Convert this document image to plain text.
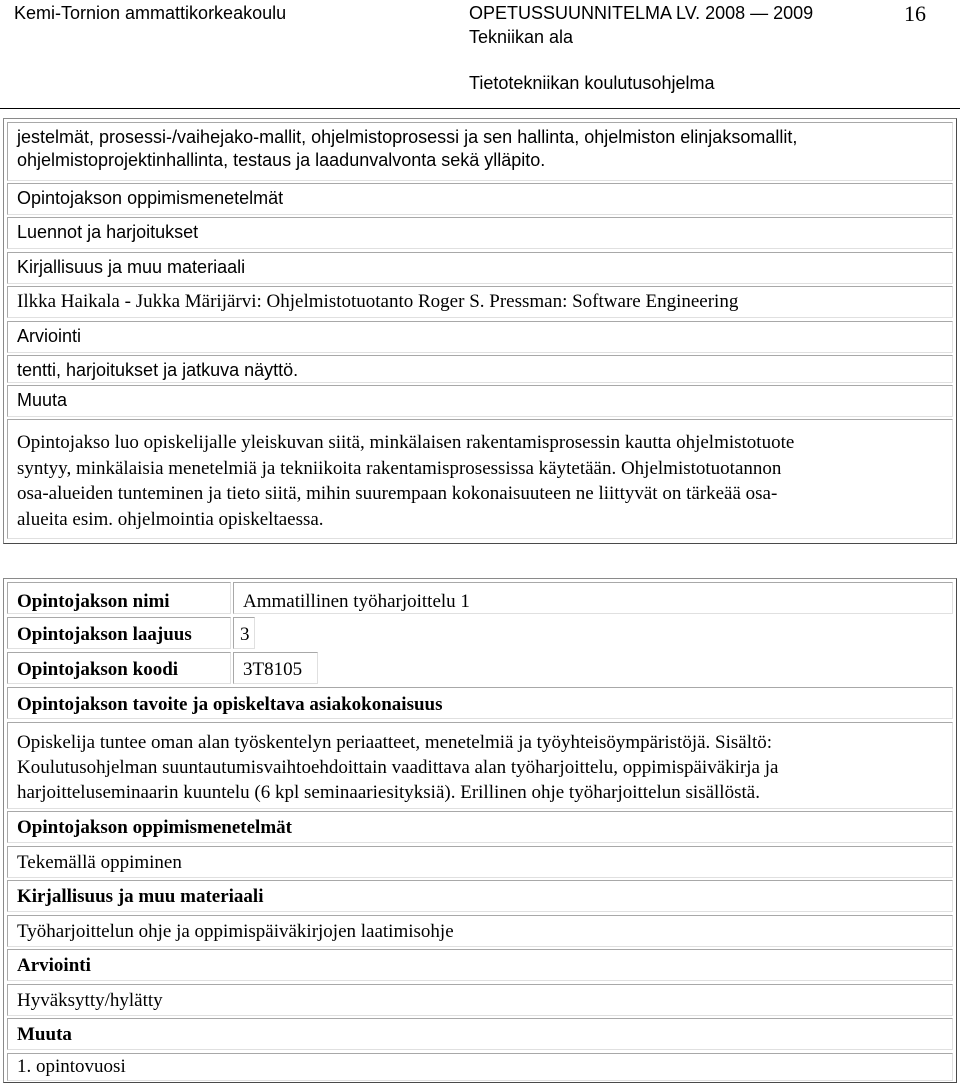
Kemi-Tornion ammattikorkeakoulu	OPETUSSUUNNITELMA LV. 2008 — 2009
Tekniikan ala
Tietotekniikan koulutusohjelma
16
jestelmät, prosessi-/vaihejako-mallit, ohjelmistoprosessi ja sen hallinta, ohjelmiston elinjaksomallit,
ohjelmistoprojektinhallinta, testaus ja laadunvalvonta sekä ylläpito.
Opintojakson oppimismenetelmät
Luennot ja harjoitukset
Kirjallisuus ja muu materiaali
Ilkka Haikala - Jukka Märijärvi: Ohjelmistotuotanto Roger S. Pressman: Software Engineering
Arviointi
tentti, harjoitukset ja jatkuva näyttö.
Muuta
Opintojakso luo opiskelijalle yleiskuvan siitä, minkälaisen rakentamisprosessin kautta ohjelmistotuote
syntyy, minkälaisia menetelmiä ja tekniikoita rakentamisprosessissa käytetään. Ohjelmistotuotannon
osa-alueiden tunteminen ja tieto siitä, mihin suurempaan kokonaisuuteen ne liittyvät on tärkeää osa-
alueita esim. ohjelmointia opiskeltaessa.
Opintojakson nimi	Ammatillinen työharjoittelu 1
Opintojakson laajuus	3
Opintojakson koodi	3T8105
Opintojakson tavoite ja opiskeltava asiakokonaisuus
Opiskelija tuntee oman alan työskentelyn periaatteet, menetelmiä ja työyhteisöympäristöjä. Sisältö:
Koulutusohjelman suuntautumisvaihtoehdoittain vaadittava alan työharjoittelu, oppimispäiväkirja ja
harjoitteluseminaarin kuuntelu (6 kpl seminaariesityksiä). Erillinen ohje työharjoittelun sisällöstä.
Opintojakson oppimismenetelmät
Tekemällä oppiminen
Kirjallisuus ja muu materiaali
Työharjoittelun ohje ja oppimispäiväkirjojen laatimisohje
Arviointi
Hyväksytty/hylätty
Muuta
1. opintovuosi
